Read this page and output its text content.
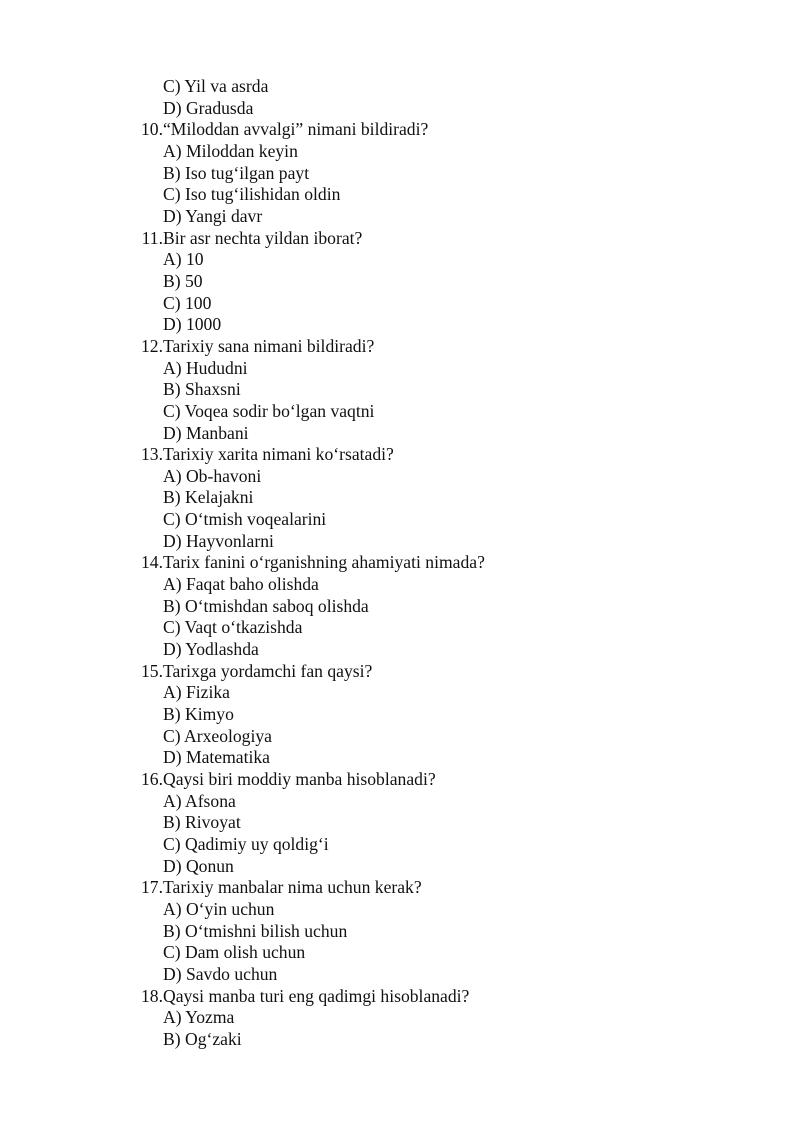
C) Yil va asrda
D) Gradusda
10. “Miloddan avvalgi” nimani bildiradi?
A) Miloddan keyin
B) Iso tug‘ilgan payt
C) Iso tug‘ilishidan oldin
D) Yangi davr
11. Bir asr nechta yildan iborat?
A) 10
B) 50
C) 100
D) 1000
12. Tarixiy sana nimani bildiradi?
A) Hududni
B) Shaxsni
C) Voqea sodir bo‘lgan vaqtni
D) Manbani
13. Tarixiy xarita nimani ko‘rsatadi?
A) Ob-havoni
B) Kelajakni
C) O‘tmish voqealarini
D) Hayvonlarni
14. Tarix fanini o‘rganishning ahamiyati nimada?
A) Faqat baho olishda
B) O‘tmishdan saboq olishda
C) Vaqt o‘tkazishda
D) Yodlashda
15. Tarixga yordamchi fan qaysi?
A) Fizika
B) Kimyo
C) Arxeologiya
D) Matematika
16. Qaysi biri moddiy manba hisoblanadi?
A) Afsona
B) Rivoyat
C) Qadimiy uy qoldig‘i
D) Qonun
17. Tarixiy manbalar nima uchun kerak?
A) O‘yin uchun
B) O‘tmishni bilish uchun
C) Dam olish uchun
D) Savdo uchun
18. Qaysi manba turi eng qadimgi hisoblanadi?
A) Yozma
B) Og‘zaki
